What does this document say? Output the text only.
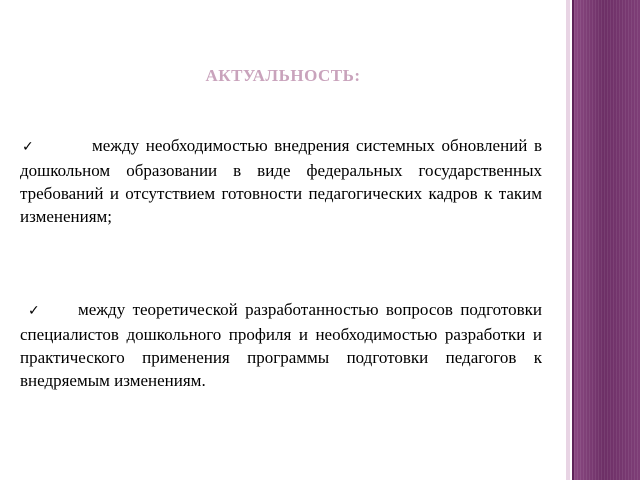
АКТУАЛЬНОСТЬ:
✓	между необходимостью внедрения системных обновлений в дошкольном образовании в виде федеральных государственных требований и отсутствием готовности педагогических кадров к таким изменениям;
✓ между теоретической разработанностью вопросов подготовки специалистов дошкольного профиля и необходимостью разработки и практического применения программы подготовки педагогов к внедряемым изменениям.
